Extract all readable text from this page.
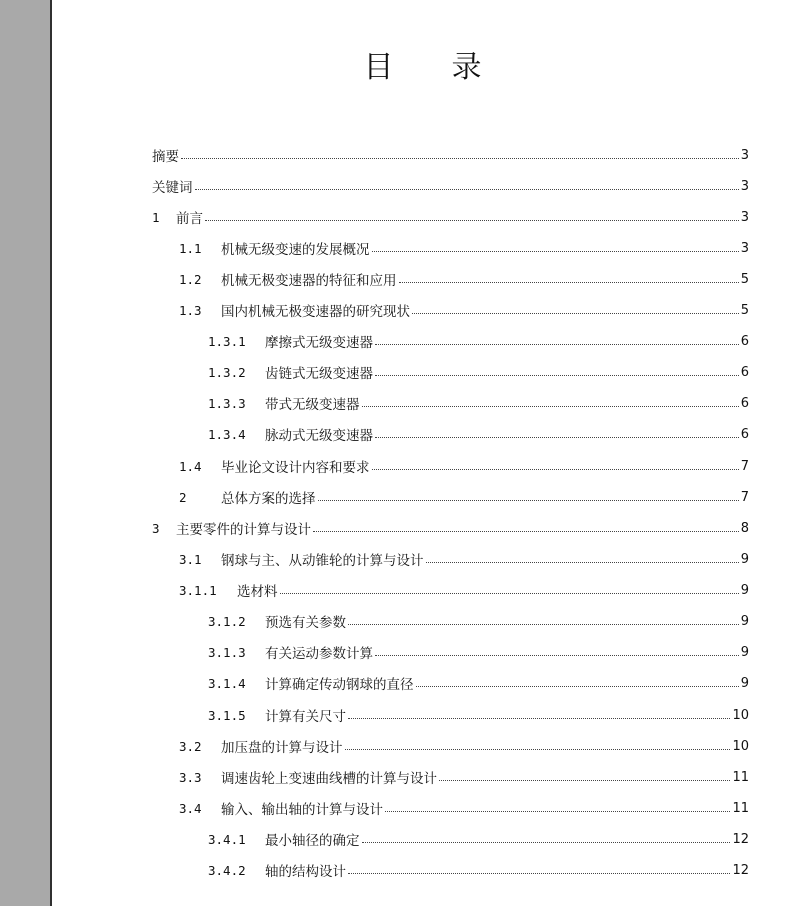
目 录
摘要	3
关键词	3
1	前言	3
1.1	机械无级变速的发展概况	3
1.2	机械无极变速器的特征和应用	5
1.3	国内机械无极变速器的研究现状	5
1.3.1	摩擦式无级变速器	6
1.3.2	齿链式无级变速器	6
1.3.3	带式无级变速器	6
1.3.4	脉动式无级变速器	6
1.4	毕业论文设计内容和要求	7
2	总体方案的选择	7
3	主要零件的计算与设计	8
3.1	钢球与主、从动锥轮的计算与设计	9
3.1.1	选材料	9
3.1.2	预选有关参数	9
3.1.3	有关运动参数计算	9
3.1.4	计算确定传动钢球的直径	9
3.1.5	计算有关尺寸	10
3.2	加压盘的计算与设计	10
3.3	调速齿轮上变速曲线槽的计算与设计	11
3.4	输入、输出轴的计算与设计	11
3.4.1	最小轴径的确定	12
3.4.2	轴的结构设计	12
